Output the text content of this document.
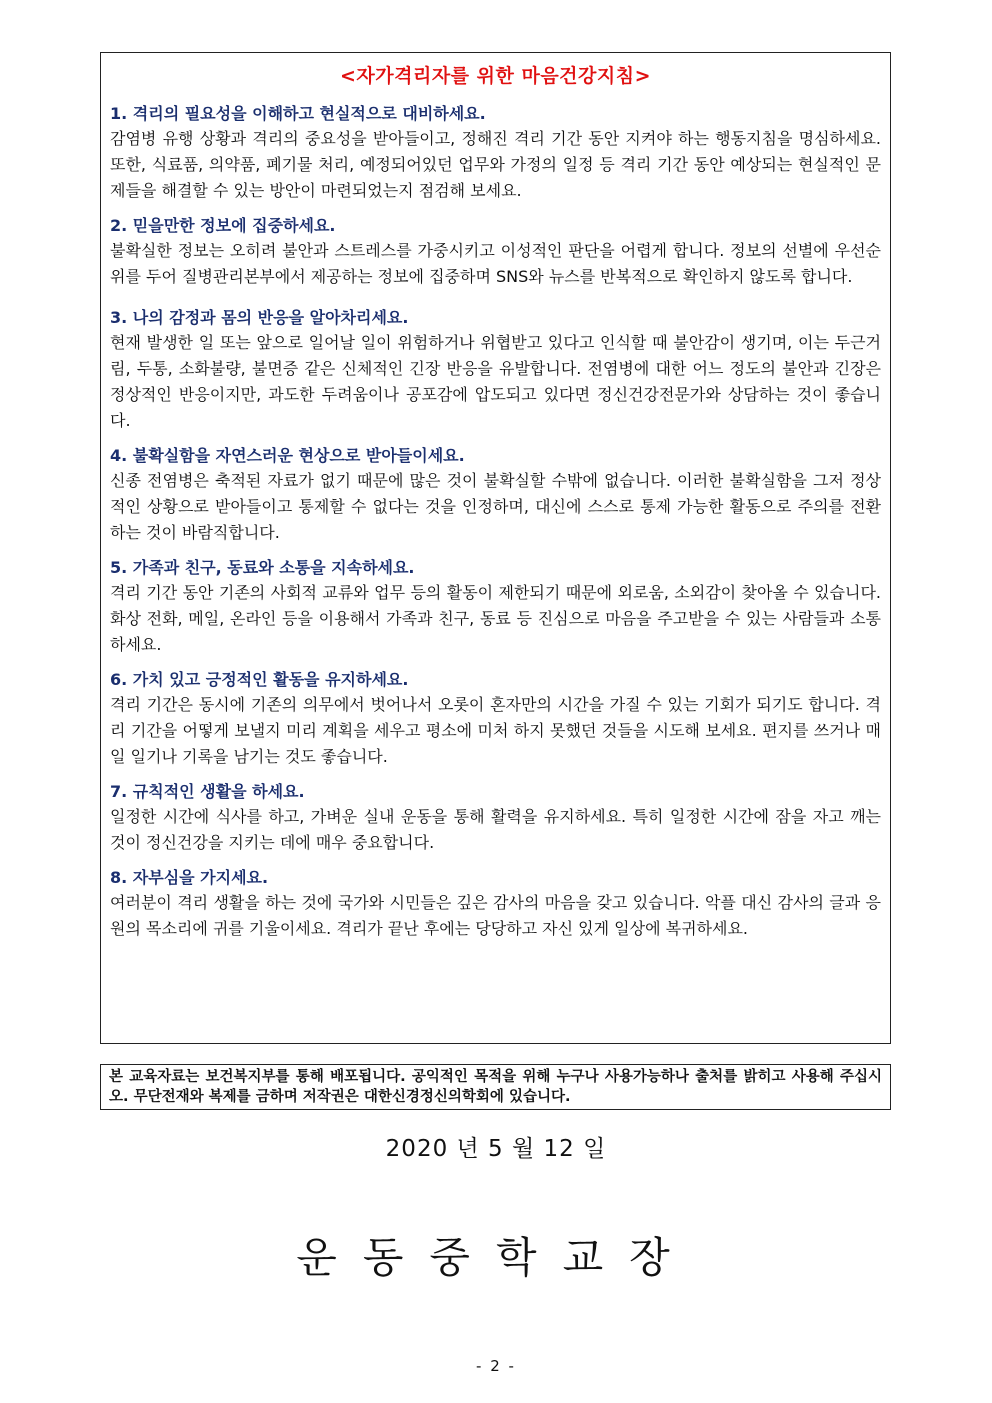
<자가격리자를 위한 마음건강지침>

1. 격리의 필요성을 이해하고 현실적으로 대비하세요.

감염병 유행 상황과 격리의 중요성을 받아들이고, 정해진 격리 기간 동안 지켜야 하는 행동지침을 명심하세요. 또한, 식료품, 의약품, 폐기물 처리, 예정되어있던 업무와 가정의 일정 등 격리 기간 동안 예상되는 현실적인 문제들을 해결할 수 있는 방안이 마련되었는지 점검해 보세요.

2. 믿을만한 정보에 집중하세요.

불확실한 정보는 오히려 불안과 스트레스를 가중시키고 이성적인 판단을 어렵게 합니다. 정보의 선별에 우선순위를 두어 질병관리본부에서 제공하는 정보에 집중하며 SNS와 뉴스를 반복적으로 확인하지 않도록 합니다.

3. 나의 감정과 몸의 반응을 알아차리세요.

현재 발생한 일 또는 앞으로 일어날 일이 위험하거나 위협받고 있다고 인식할 때 불안감이 생기며, 이는 두근거림, 두통, 소화불량, 불면증 같은 신체적인 긴장 반응을 유발합니다. 전염병에 대한 어느 정도의 불안과 긴장은 정상적인 반응이지만, 과도한 두려움이나 공포감에 압도되고 있다면 정신건강전문가와 상담하는 것이 좋습니다.

4. 불확실함을 자연스러운 현상으로 받아들이세요.

신종 전염병은 축적된 자료가 없기 때문에 많은 것이 불확실할 수밖에 없습니다. 이러한 불확실함을 그저 정상적인 상황으로 받아들이고 통제할 수 없다는 것을 인정하며, 대신에 스스로 통제 가능한 활동으로 주의를 전환하는 것이 바람직합니다.

5. 가족과 친구, 동료와 소통을 지속하세요.

격리 기간 동안 기존의 사회적 교류와 업무 등의 활동이 제한되기 때문에 외로움, 소외감이 찾아올 수 있습니다. 화상 전화, 메일, 온라인 등을 이용해서 가족과 친구, 동료 등 진심으로 마음을 주고받을 수 있는 사람들과 소통하세요.

6. 가치 있고 긍정적인 활동을 유지하세요.

격리 기간은 동시에 기존의 의무에서 벗어나서 오롯이 혼자만의 시간을 가질 수 있는 기회가 되기도 합니다. 격리 기간을 어떻게 보낼지 미리 계획을 세우고 평소에 미처 하지 못했던 것들을 시도해 보세요. 편지를 쓰거나 매일 일기나 기록을 남기는 것도 좋습니다.

7. 규칙적인 생활을 하세요.

일정한 시간에 식사를 하고, 가벼운 실내 운동을 통해 활력을 유지하세요. 특히 일정한 시간에 잠을 자고 깨는 것이 정신건강을 지키는 데에 매우 중요합니다.

8. 자부심을 가지세요.

여러분이 격리 생활을 하는 것에 국가와 시민들은 깊은 감사의 마음을 갖고 있습니다. 악플 대신 감사의 글과 응원의 목소리에 귀를 기울이세요. 격리가 끝난 후에는 당당하고 자신 있게 일상에 복귀하세요.

본 교육자료는 보건복지부를 통해 배포됩니다. 공익적인 목적을 위해 누구나 사용가능하나 출처를 밝히고 사용해 주십시오. 무단전재와 복제를 금하며 저작권은 대한신경정신의학회에 있습니다.
2020 년 5 월 12 일
운동중학교장
- 2 -
